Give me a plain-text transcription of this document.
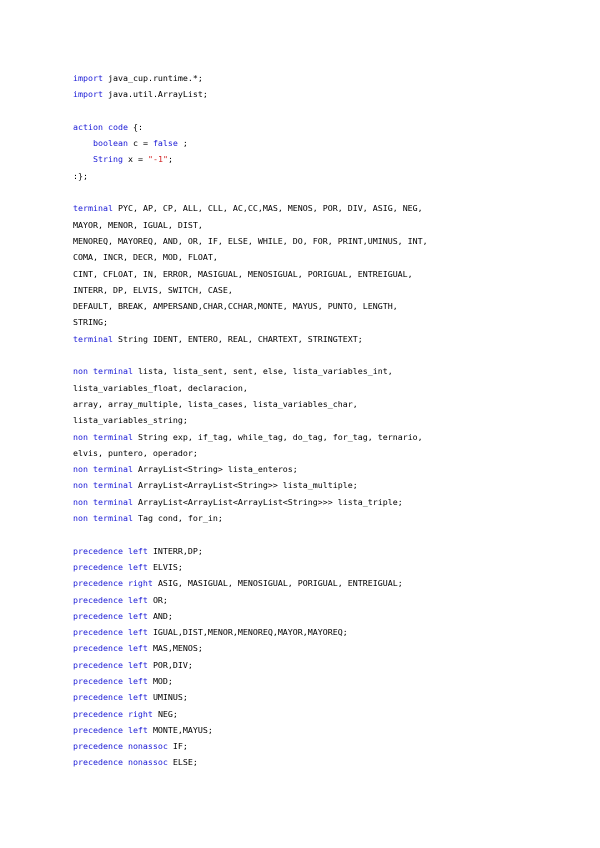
import java_cup.runtime.*;
import java.util.ArrayList;
action code {:
boolean c = false ;
String x = "-1";
:};
terminal PYC, AP, CP, ALL, CLL, AC,CC,MAS, MENOS, POR, DIV, ASIG, NEG,
MAYOR, MENOR, IGUAL, DIST,
MENOREQ, MAYOREQ, AND, OR, IF, ELSE, WHILE, DO, FOR, PRINT,UMINUS, INT,
COMA, INCR, DECR, MOD, FLOAT,
CINT, CFLOAT, IN, ERROR, MASIGUAL, MENOSIGUAL, PORIGUAL, ENTREIGUAL,
INTERR, DP, ELVIS, SWITCH, CASE,
DEFAULT, BREAK, AMPERSAND,CHAR,CCHAR,MONTE, MAYUS, PUNTO, LENGTH,
STRING;
terminal String IDENT, ENTERO, REAL, CHARTEXT, STRINGTEXT;
non terminal lista, lista_sent, sent, else, lista_variables_int,
lista_variables_float, declaracion,
array, array_multiple, lista_cases, lista_variables_char,
lista_variables_string;
non terminal String exp, if_tag, while_tag, do_tag, for_tag, ternario,
elvis, puntero, operador;
non terminal ArrayList<String> lista_enteros;
non terminal ArrayList<ArrayList<String>> lista_multiple;
non terminal ArrayList<ArrayList<ArrayList<String>>> lista_triple;
non terminal Tag cond, for_in;
precedence left INTERR,DP;
precedence left ELVIS;
precedence right ASIG, MASIGUAL, MENOSIGUAL, PORIGUAL, ENTREIGUAL;
precedence left OR;
precedence left AND;
precedence left IGUAL,DIST,MENOR,MENOREQ,MAYOR,MAYOREQ;
precedence left MAS,MENOS;
precedence left POR,DIV;
precedence left MOD;
precedence left UMINUS;
precedence right NEG;
precedence left MONTE,MAYUS;
precedence nonassoc IF;
precedence nonassoc ELSE;
